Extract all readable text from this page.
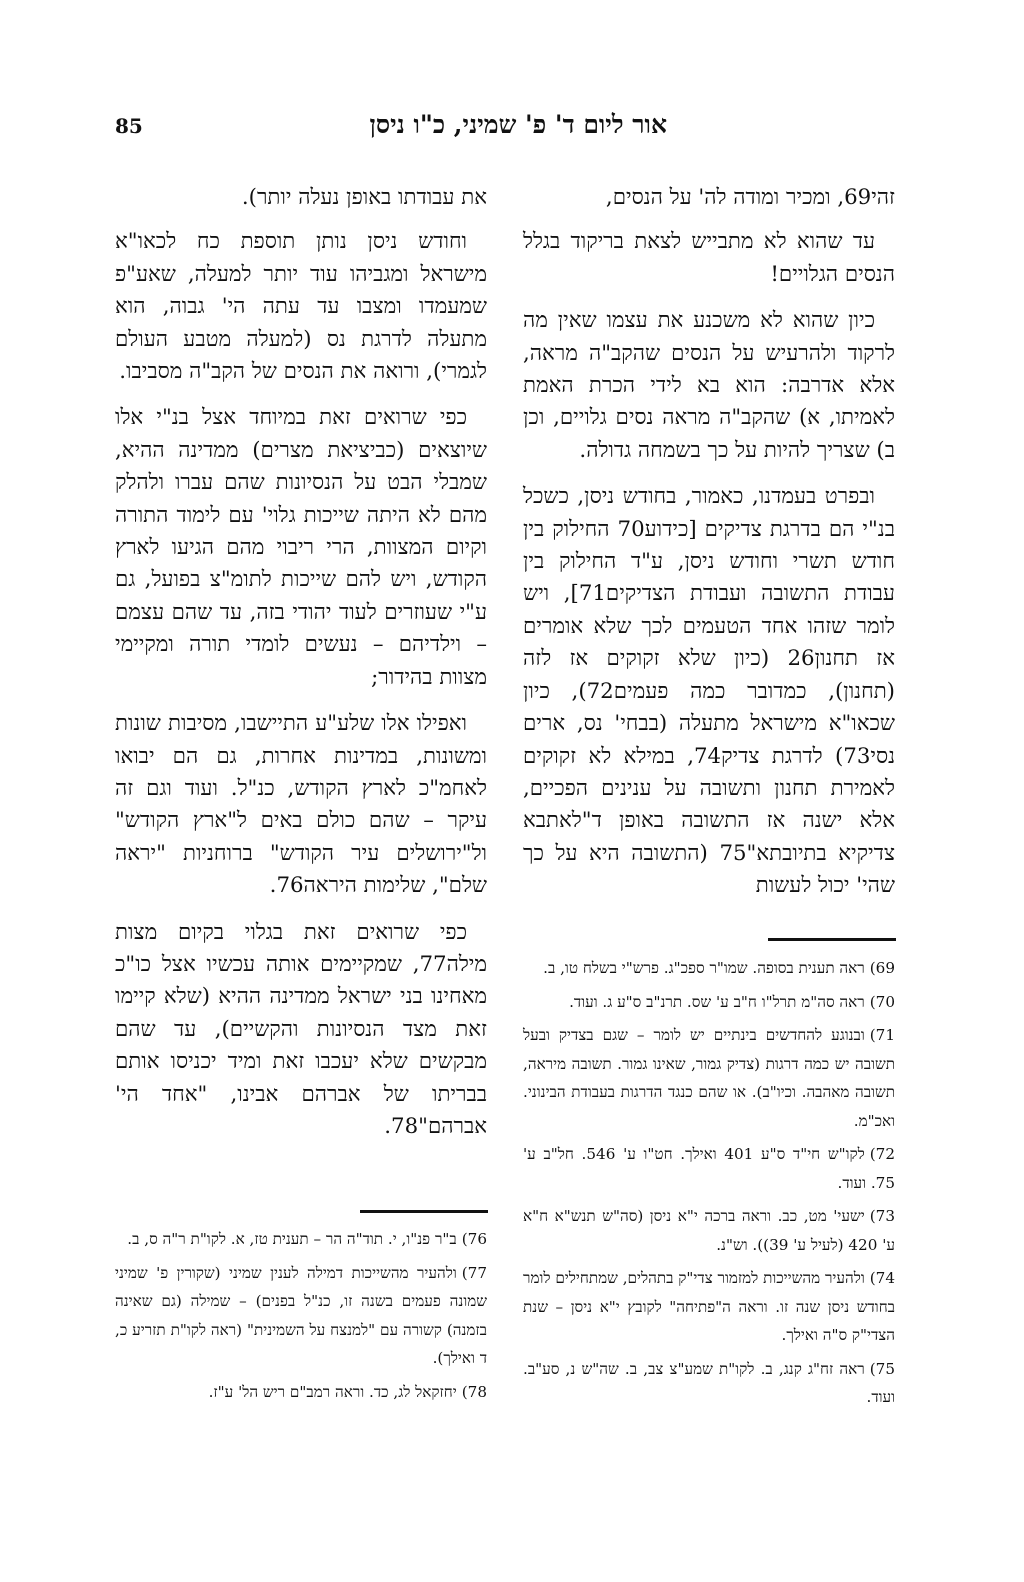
85	אור ליום ד' פ' שמיני, כ"ו ניסן

זהי69, ומכיר ומודה לה' על הנסים,

עד שהוא לא מתבייש לצאת בריקוד בגלל הנסים הגלויים!

כיון שהוא לא משכנע את עצמו שאין מה לרקוד ולהרעיש על הנסים שהקב"ה מראה, אלא אדרבה: הוא בא לידי הכרת האמת לאמיתו, א) שהקב"ה מראה נסים גלויים, וכן ב) שצריך להיות על כך בשמחה גדולה.

ובפרט בעמדנו, כאמור, בחודש ניסן, כשכל בנ"י הם בדרגת צדיקים [כידוע70 החילוק בין חודש תשרי וחודש ניסן, ע"ד החילוק בין עבודת התשובה ועבודת הצדיקים71], ויש לומר שזהו אחד הטעמים לכך שלא אומרים אז תחנון26 (כיון שלא זקוקים אז לזה (תחנון), כמדובר כמה פעמים72), כיון שכאו"א מישראל מתעלה (בבחי' נס, ארים נסי73) לדרגת צדיק74, במילא לא זקוקים לאמירת תחנון ותשובה על ענינים הפכיים, אלא ישנה אז התשובה באופן ד"לאתבא צדיקיא בתיובתא"75 (התשובה היא על כך שהי' יכול לעשות

את עבודתו באופן נעלה יותר).

וחודש ניסן נותן תוספת כח לכאו"א מישראל ומגביהו עוד יותר למעלה, שאע"פ שמעמדו ומצבו עד עתה הי' גבוה, הוא מתעלה לדרגת נס (למעלה מטבע העולם לגמרי), ורואה את הנסים של הקב"ה מסביבו.

כפי שרואים זאת במיוחד אצל בנ"י אלו שיוצאים (כביציאת מצרים) ממדינה ההיא, שמבלי הבט על הנסיונות שהם עברו ולהלק מהם לא היתה שייכות גלוי' עם לימוד התורה וקיום המצוות, הרי ריבוי מהם הגיעו לארץ הקודש, ויש להם שייכות לתומ"צ בפועל, גם ע"י שעוזרים לעוד יהודי בזה, עד שהם עצמם – וילדיהם – נעשים לומדי תורה ומקיימי מצוות בהידור;

ואפילו אלו שלע"ע התיישבו, מסיבות שונות ומשונות, במדינות אחרות, גם הם יבואו לאחמ"כ לארץ הקודש, כנ"ל. ועוד וגם זה עיקר – שהם כולם באים ל"ארץ הקודש" ול"ירושלים עיר הקודש" ברוחניות "יראה שלם", שלימות היראה76.

כפי שרואים זאת בגלוי בקיום מצות מילה77, שמקיימים אותה עכשיו אצל כו"כ מאחינו בני ישראל ממדינה ההיא (שלא קיימו זאת מצד הנסיונות והקשיים), עד שהם מבקשים שלא יעכבו זאת ומיד יכניסו אותם בבריתו של אברהם אבינו, "אחד הי' אברהם"78.

69)ראה תענית בסופה. שמו"ר ספכ"ג. פרש"י בשלח טו, ב.
70)ראה סה"מ תרל"ו ח"ב ע' שס. תרנ"ב ס"ע ג. ועוד.
71)ובנוגע להחדשים בינתיים יש לומר – שגם בצדיק ובעל תשובה יש כמה דרגות (צדיק גמור, שאינו גמור. תשובה מיראה, תשובה מאהבה. וכיו"ב). או שהם כנגד הדרגות בעבודת הבינוני. ואכ"מ.
72)לקו"ש חי"ד ס"ע 401 ואילך. חט"ו ע' 546. חל"ב ע' 75. ועוד.
73)ישעי' מט, כב. וראה ברכה י"א ניסן (סה"ש תנש"א ח"א ע' 420 (לעיל ע' 39)). וש"נ.
74)ולהעיר מהשייכות למזמור צדי"ק בתהלים, שמתחילים לומר בחודש ניסן שנה זו. וראה ה"פתיחה" לקובץ י"א ניסן – שנת הצדי"ק ס"ה ואילך.
75)ראה זח"ג קנג, ב. לקו"ת שמע"צ צב, ב. שה"ש נ, סע"ב. ועוד.
76)ב"ר פנ"ו, י. תוד"ה הר – תענית טז, א. לקו"ת ר"ה ס, ב.
77)ולהעיר מהשייכות דמילה לענין שמיני (שקורין פ' שמיני שמונה פעמים בשנה זו, כנ"ל בפנים) – שמילה (גם שאינה בזמנה) קשורה עם "למנצח על השמינית" (ראה לקו"ת תזריע כ, ד ואילך).
78)יחזקאל לג, כד. וראה רמב"ם ריש הל' ע"ז.
